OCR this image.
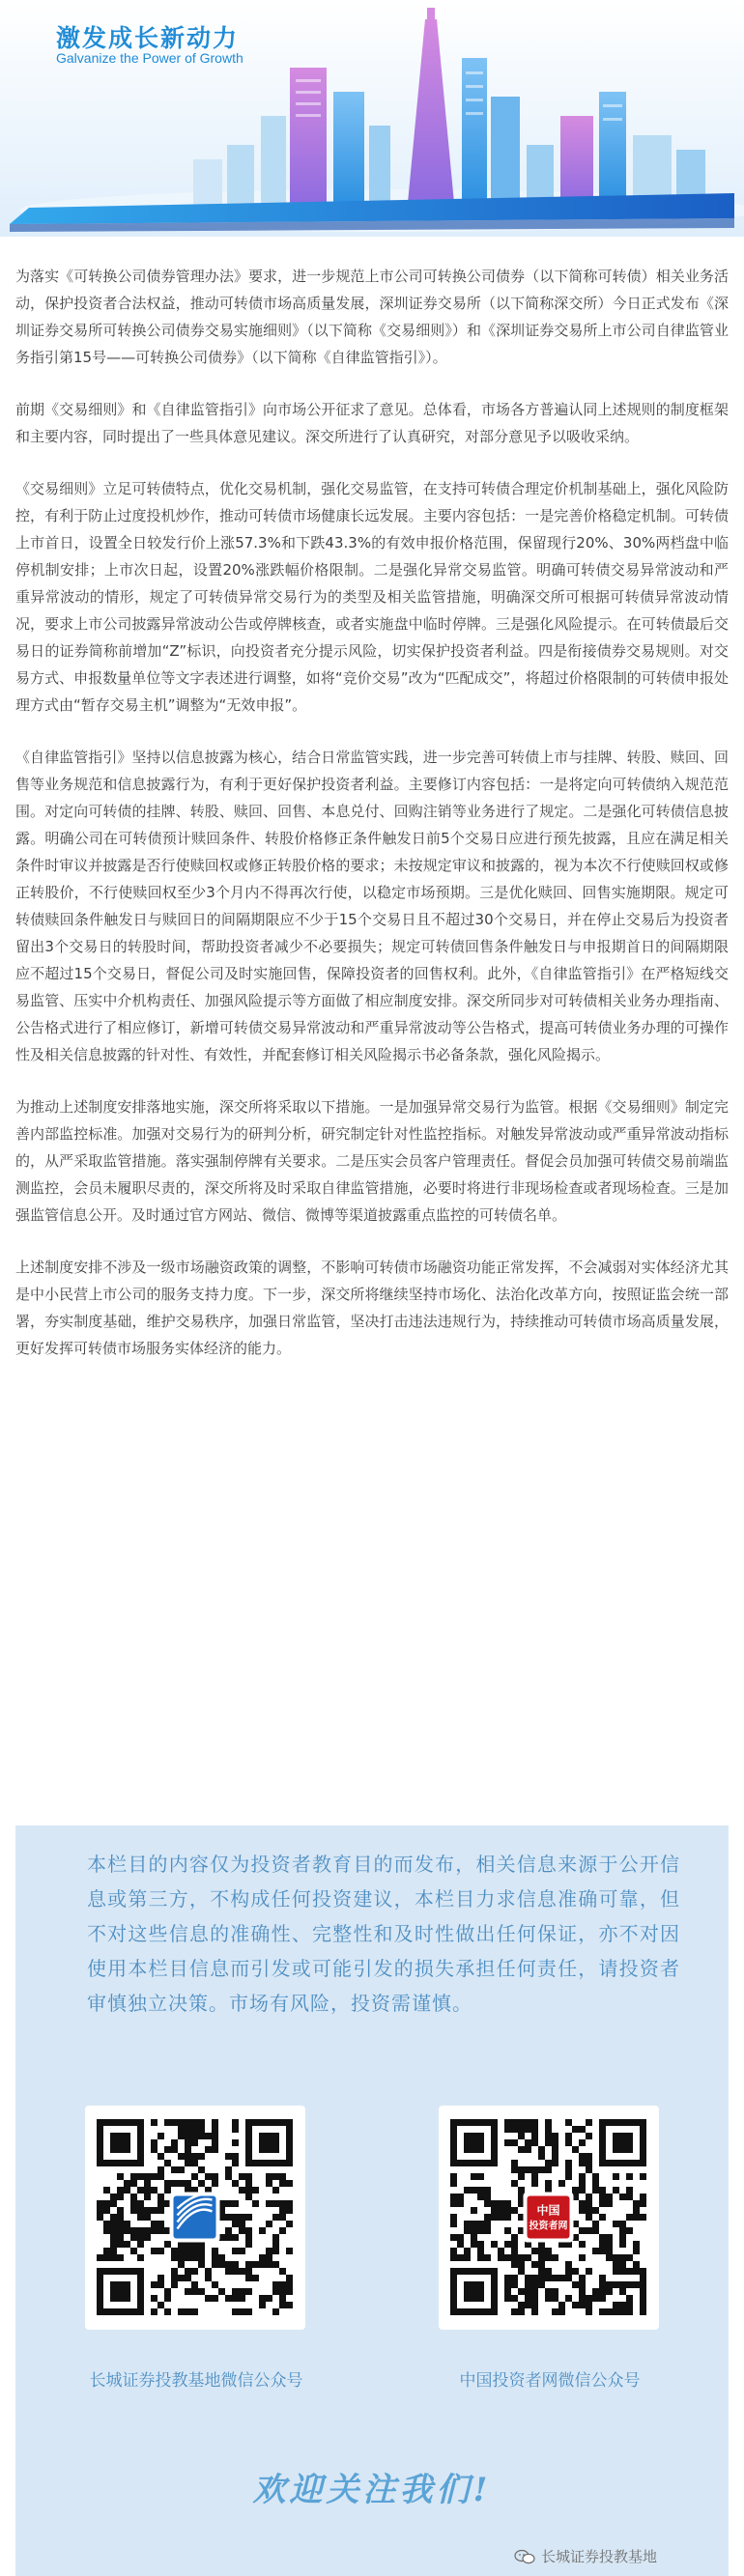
激发成长新动力
Galvanize the Power of Growth

为落实《可转换公司债券管理办法》要求，进一步规范上市公司可转换公司债券（以下简称可转债）相关业务活动，保护投资者合法权益，推动可转债市场高质量发展，深圳证券交易所（以下简称深交所）今日正式发布《深圳证券交易所可转换公司债券交易实施细则》（以下简称《交易细则》）和《深圳证券交易所上市公司自律监管业务指引第15号——可转换公司债券》（以下简称《自律监管指引》）。

前期《交易细则》和《自律监管指引》向市场公开征求了意见。总体看，市场各方普遍认同上述规则的制度框架和主要内容，同时提出了一些具体意见建议。深交所进行了认真研究，对部分意见予以吸收采纳。

《交易细则》立足可转债特点，优化交易机制，强化交易监管，在支持可转债合理定价机制基础上，强化风险防控，有利于防止过度投机炒作，推动可转债市场健康长远发展。主要内容包括：一是完善价格稳定机制。可转债上市首日，设置全日较发行价上涨57.3%和下跌43.3%的有效申报价格范围，保留现行20%、30%两档盘中临停机制安排；上市次日起，设置20%涨跌幅价格限制。二是强化异常交易监管。明确可转债交易异常波动和严重异常波动的情形，规定了可转债异常交易行为的类型及相关监管措施，明确深交所可根据可转债异常波动情况，要求上市公司披露异常波动公告或停牌核查，或者实施盘中临时停牌。三是强化风险提示。在可转债最后交易日的证券简称前增加“Z”标识，向投资者充分提示风险，切实保护投资者利益。四是衔接债券交易规则。对交易方式、申报数量单位等文字表述进行调整，如将“竞价交易”改为“匹配成交”，将超过价格限制的可转债申报处理方式由“暂存交易主机”调整为“无效申报”。

《自律监管指引》坚持以信息披露为核心，结合日常监管实践，进一步完善可转债上市与挂牌、转股、赎回、回售等业务规范和信息披露行为，有利于更好保护投资者利益。主要修订内容包括：一是将定向可转债纳入规范范围。对定向可转债的挂牌、转股、赎回、回售、本息兑付、回购注销等业务进行了规定。二是强化可转债信息披露。明确公司在可转债预计赎回条件、转股价格修正条件触发日前5个交易日应进行预先披露，且应在满足相关条件时审议并披露是否行使赎回权或修正转股价格的要求；未按规定审议和披露的，视为本次不行使赎回权或修正转股价，不行使赎回权至少3个月内不得再次行使，以稳定市场预期。三是优化赎回、回售实施期限。规定可转债赎回条件触发日与赎回日的间隔期限应不少于15个交易日且不超过30个交易日，并在停止交易后为投资者留出3个交易日的转股时间，帮助投资者减少不必要损失；规定可转债回售条件触发日与申报期首日的间隔期限应不超过15个交易日，督促公司及时实施回售，保障投资者的回售权利。此外，《自律监管指引》在严格短线交易监管、压实中介机构责任、加强风险提示等方面做了相应制度安排。深交所同步对可转债相关业务办理指南、公告格式进行了相应修订，新增可转债交易异常波动和严重异常波动等公告格式，提高可转债业务办理的可操作性及相关信息披露的针对性、有效性，并配套修订相关风险揭示书必备条款，强化风险揭示。

为推动上述制度安排落地实施，深交所将采取以下措施。一是加强异常交易行为监管。根据《交易细则》制定完善内部监控标准。加强对交易行为的研判分析，研究制定针对性监控指标。对触发异常波动或严重异常波动指标的，从严采取监管措施。落实强制停牌有关要求。二是压实会员客户管理责任。督促会员加强可转债交易前端监测监控，会员未履职尽责的，深交所将及时采取自律监管措施，必要时将进行非现场检查或者现场检查。三是加强监管信息公开。及时通过官方网站、微信、微博等渠道披露重点监控的可转债名单。

上述制度安排不涉及一级市场融资政策的调整，不影响可转债市场融资功能正常发挥，不会减弱对实体经济尤其是中小民营上市公司的服务支持力度。下一步，深交所将继续坚持市场化、法治化改革方向，按照证监会统一部署，夯实制度基础，维护交易秩序，加强日常监管，坚决打击违法违规行为，持续推动可转债市场高质量发展，更好发挥可转债市场服务实体经济的能力。

本栏目的内容仅为投资者教育目的而发布，相关信息来源于公开信息或第三方，不构成任何投资建议，本栏目力求信息准确可靠，但不对这些信息的准确性、完整性和及时性做出任何保证，亦不对因使用本栏目信息而引发或可能引发的损失承担任何责任，请投资者审慎独立决策。市场有风险，投资需谨慎。
中国
投资者网
长城证券投教基地微信公众号	中国投资者网微信公众号
欢迎关注我们!
长城证券投教基地
